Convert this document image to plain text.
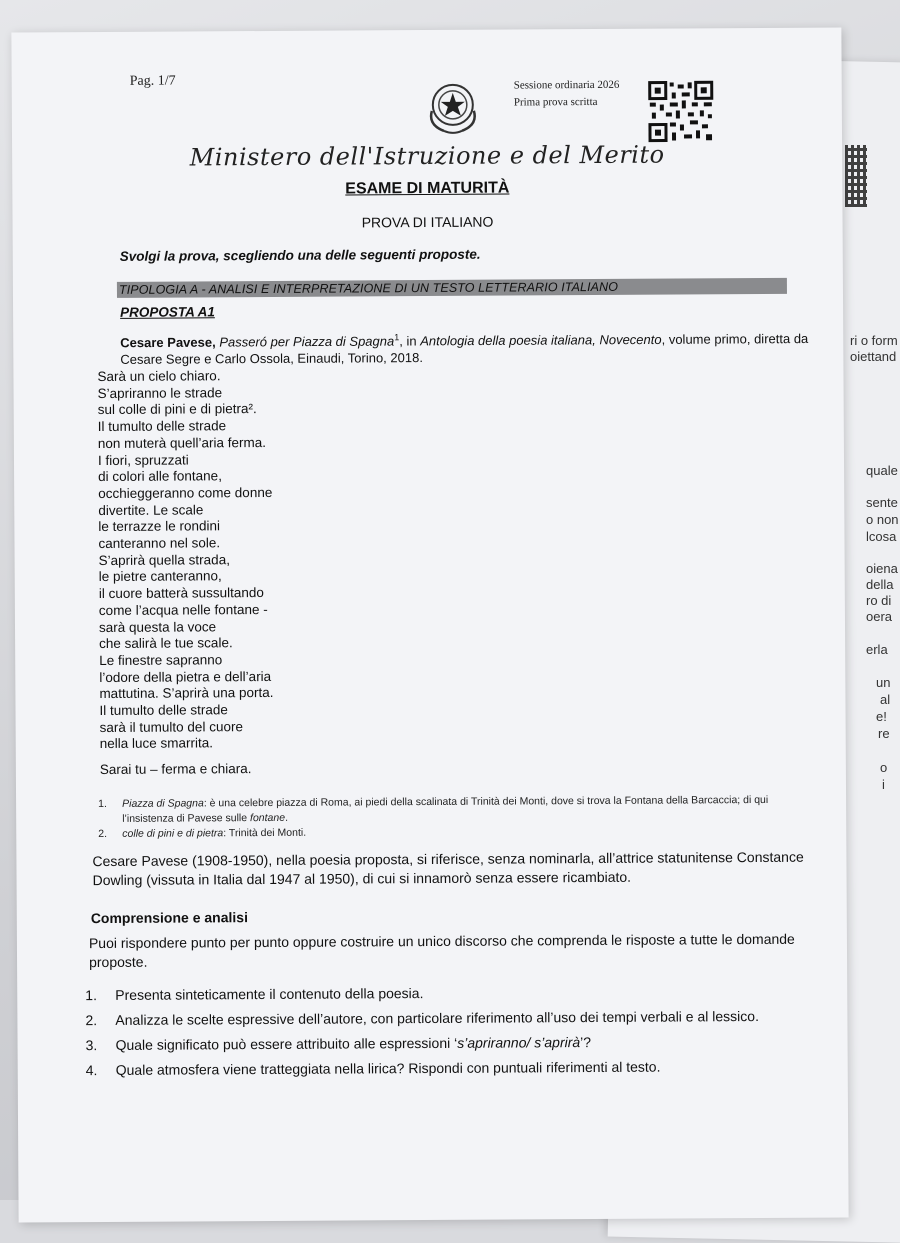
ri o form
oiettand
quale
sente
o non
lcosa
oiena
della
ro di
oera
erla
un
al
e!
re
o
i
Pag. 1/7	Sessione ordinaria 2026
Prima prova scritta
Ministero dell'Istruzione e del Merito
ESAME DI MATURITÀ
PROVA DI ITALIANO
Svolgi la prova, scegliendo una delle seguenti proposte.
TIPOLOGIA A - ANALISI E INTERPRETAZIONE DI UN TESTO LETTERARIO ITALIANO
PROPOSTA A1
Cesare Pavese, Passeró per Piazza di Spagna$^1$, in Antologia della poesia italiana, Novecento, volume primo, diretta da Cesare Segre e Carlo Ossola, Einaudi, Torino, 2018.
Sarà un cielo chiaro.
S’apriranno le strade
sul colle di pini e di pietra².
Il tumulto delle strade
non muterà quell’aria ferma.
I fiori, spruzzati
di colori alle fontane,
occhieggeranno come donne
divertite. Le scale
le terrazze le rondini
canteranno nel sole.
S’aprirà quella strada,
le pietre canteranno,
il cuore batterà sussultando
come l’acqua nelle fontane -
sarà questa la voce
che salirà le tue scale.
Le finestre sapranno
l’odore della pietra e dell’aria
mattutina. S’aprirà una porta.
Il tumulto delle strade
sarà il tumulto del cuore
nella luce smarrita.
Sarai tu – ferma e chiara.
1.	Piazza di Spagna: è una celebre piazza di Roma, ai piedi della scalinata di Trinità dei Monti, dove si trova la Fontana della Barcaccia; di qui l’insistenza di Pavese sulle fontane.
2.	colle di pini e di pietra: Trinità dei Monti.
Cesare Pavese (1908-1950), nella poesia proposta, si riferisce, senza nominarla, all’attrice statunitense Constance Dowling (vissuta in Italia dal 1947 al 1950), di cui si innamorò senza essere ricambiato.
Comprensione e analisi
Puoi rispondere punto per punto oppure costruire un unico discorso che comprenda le risposte a tutte le domande proposte.
1.	Presenta sinteticamente il contenuto della poesia.
2.	Analizza le scelte espressive dell’autore, con particolare riferimento all’uso dei tempi verbali e al lessico.
3.	Quale significato può essere attribuito alle espressioni ‘s’apriranno/ s’aprirà’?
4.	Quale atmosfera viene tratteggiata nella lirica? Rispondi con puntuali riferimenti al testo.
